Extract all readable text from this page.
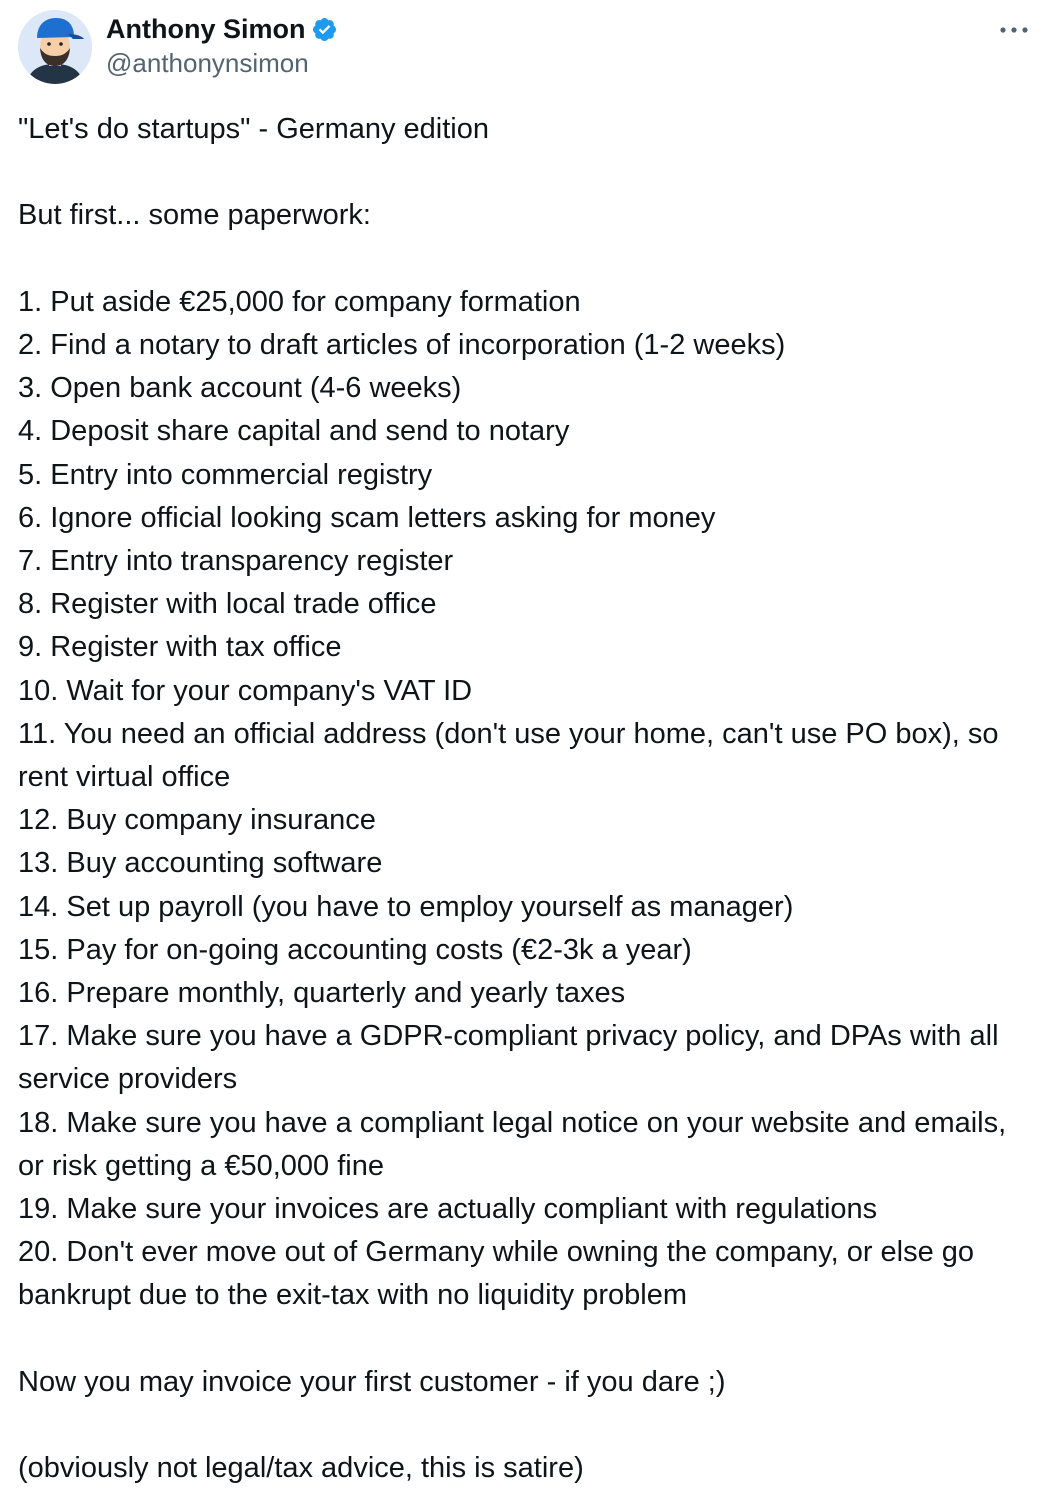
Anthony Simon
@anthonynsimon
"Let's do startups" - Germany edition
But first... some paperwork:
1. Put aside €25,000 for company formation
2. Find a notary to draft articles of incorporation (1-2 weeks)
3. Open bank account (4-6 weeks)
4. Deposit share capital and send to notary
5. Entry into commercial registry
6. Ignore official looking scam letters asking for money
7. Entry into transparency register
8. Register with local trade office
9. Register with tax office
10. Wait for your company's VAT ID
11. You need an official address (don't use your home, can't use PO box), so rent virtual office
12. Buy company insurance
13. Buy accounting software
14. Set up payroll (you have to employ yourself as manager)
15. Pay for on-going accounting costs (€2-3k a year)
16. Prepare monthly, quarterly and yearly taxes
17. Make sure you have a GDPR-compliant privacy policy, and DPAs with all service providers
18. Make sure you have a compliant legal notice on your website and emails, or risk getting a €50,000 fine
19. Make sure your invoices are actually compliant with regulations
20. Don't ever move out of Germany while owning the company, or else go bankrupt due to the exit-tax with no liquidity problem
Now you may invoice your first customer - if you dare ;)
(obviously not legal/tax advice, this is satire)
